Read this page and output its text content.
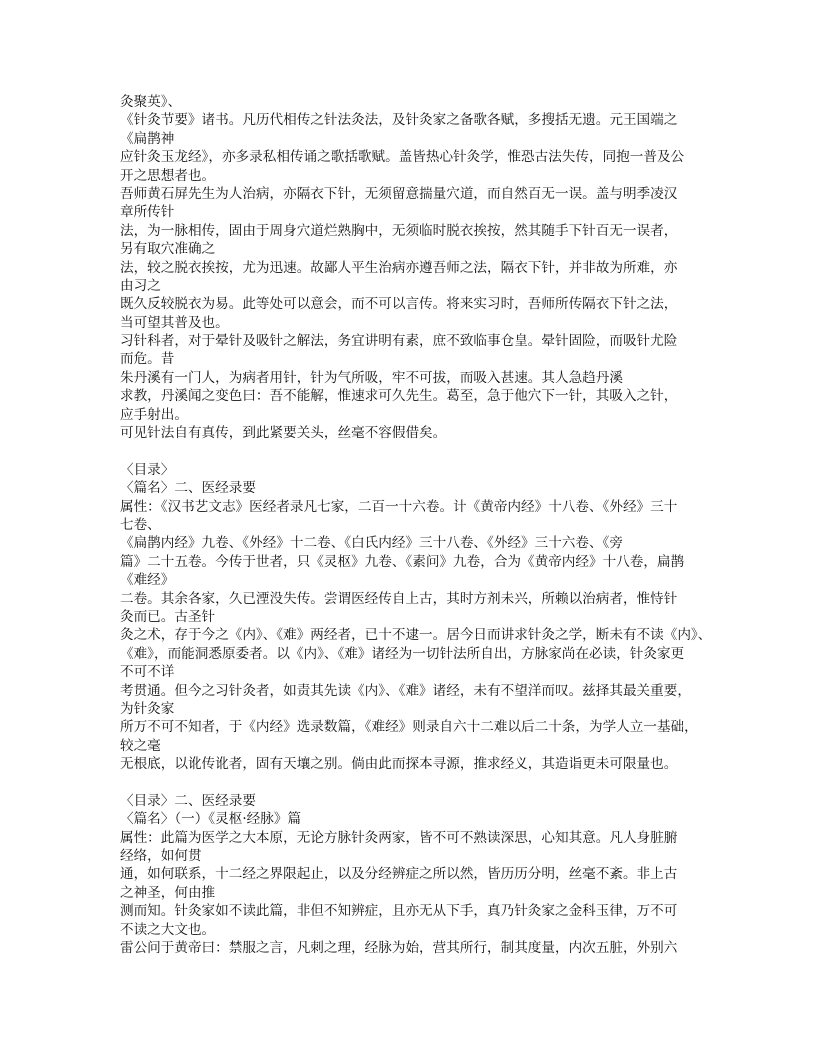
灸聚英》、
《针灸节要》诸书。凡历代相传之针法灸法，及针灸家之备歌各赋，多搜括无遗。元王国端之
《扁鹊神
应针灸玉龙经》，亦多录私相传诵之歌括歌赋。盖皆热心针灸学，惟恐古法失传，同抱一普及公
开之思想者也。
吾师黄石屏先生为人治病，亦隔衣下针，无须留意揣量穴道，而自然百无一误。盖与明季凌汉
章所传针
法，为一脉相传，固由于周身穴道烂熟胸中，无须临时脱衣挨按，然其随手下针百无一误者，
另有取穴准确之
法，较之脱衣挨按，尤为迅速。故鄙人平生治病亦遵吾师之法，隔衣下针，并非故为所难，亦
由习之
既久反较脱衣为易。此等处可以意会，而不可以言传。将来实习时，吾师所传隔衣下针之法，
当可望其普及也。
习针科者，对于晕针及吸针之解法，务宜讲明有素，庶不致临事仓皇。晕针固险，而吸针尤险
而危。昔
朱丹溪有一门人，为病者用针，针为气所吸，牢不可拔，而吸入甚速。其人急趋丹溪
求教，丹溪闻之变色曰：吾不能解，惟速求可久先生。葛至，急于他穴下一针，其吸入之针，
应手射出。
可见针法自有真传，到此紧要关头，丝毫不容假借矣。
〈目录〉
〈篇名〉二、医经录要
属性：《汉书艺文志》医经者录凡七家，二百一十六卷。计《黄帝内经》十八卷、《外经》三十
七卷、
《扁鹊内经》九卷、《外经》十二卷、《白氏内经》三十八卷、《外经》三十六卷、《旁
篇》二十五卷。今传于世者，只《灵枢》九卷、《素问》九卷，合为《黄帝内经》十八卷，扁鹊
《难经》
二卷。其余各家，久已湮没失传。尝谓医经传自上古，其时方剂未兴，所赖以治病者，惟恃针
灸而已。古圣针
灸之术，存于今之《内》、《难》两经者，已十不逮一。居今日而讲求针灸之学，断未有不读《内》、
《难》，而能洞悉原委者。以《内》、《难》诸经为一切针法所自出，方脉家尚在必读，针灸家更
不可不详
考贯通。但今之习针灸者，如责其先读《内》、《难》诸经，未有不望洋而叹。兹择其最关重要，
为针灸家
所万不可不知者，于《内经》选录数篇，《难经》则录自六十二难以后二十条，为学人立一基础，
较之毫
无根底，以讹传讹者，固有天壤之别。倘由此而探本寻源，推求经义，其造诣更未可限量也。
〈目录〉二、医经录要
〈篇名〉（一）《灵枢·经脉》篇
属性：此篇为医学之大本原，无论方脉针灸两家，皆不可不熟读深思，心知其意。凡人身脏腑
经络，如何贯
通，如何联系，十二经之界限起止，以及分经辨症之所以然，皆历历分明，丝毫不紊。非上古
之神圣，何由推
测而知。针灸家如不读此篇，非但不知辨症，且亦无从下手，真乃针灸家之金科玉律，万不可
不读之大文也。
雷公问于黄帝曰：禁服之言，凡刺之理，经脉为始，营其所行，制其度量，内次五脏，外别六
